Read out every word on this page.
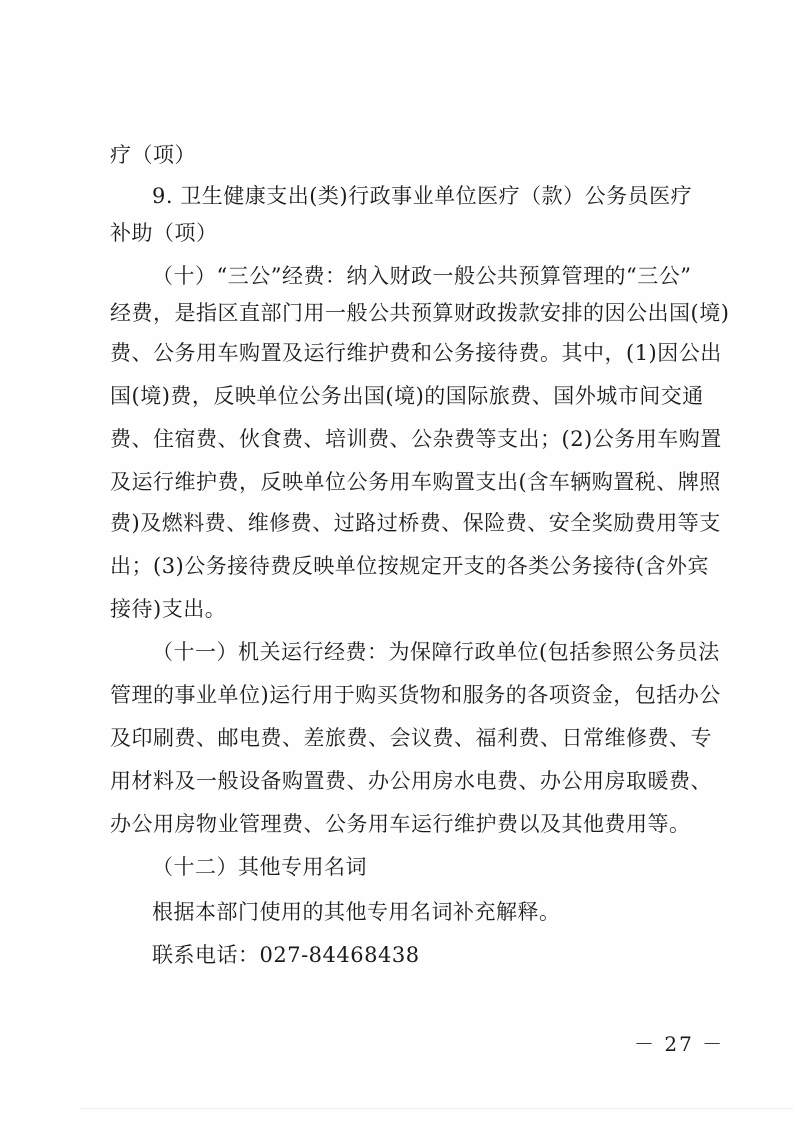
疗（项）
9. 卫生健康支出(类)行政事业单位医疗（款）公务员医疗
补助（项）
（十）“三公”经费：纳入财政一般公共预算管理的“三公”
经费，是指区直部门用一般公共预算财政拨款安排的因公出国(境)
费、公务用车购置及运行维护费和公务接待费。其中，(1)因公出
国(境)费，反映单位公务出国(境)的国际旅费、国外城市间交通
费、住宿费、伙食费、培训费、公杂费等支出；(2)公务用车购置
及运行维护费，反映单位公务用车购置支出(含车辆购置税、牌照
费)及燃料费、维修费、过路过桥费、保险费、安全奖励费用等支
出；(3)公务接待费反映单位按规定开支的各类公务接待(含外宾
接待)支出。
（十一）机关运行经费：为保障行政单位(包括参照公务员法
管理的事业单位)运行用于购买货物和服务的各项资金，包括办公
及印刷费、邮电费、差旅费、会议费、福利费、日常维修费、专
用材料及一般设备购置费、办公用房水电费、办公用房取暖费、
办公用房物业管理费、公务用车运行维护费以及其他费用等。
（十二）其他专用名词
根据本部门使用的其他专用名词补充解释。
联系电话：027-84468438
－ 27 －
